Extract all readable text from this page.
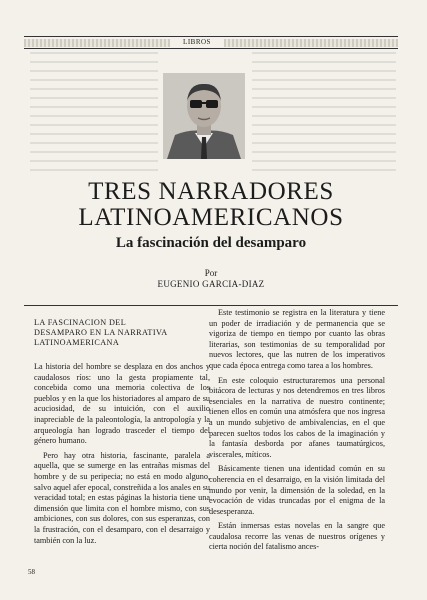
LIBROS
TRES NARRADORES
LATINOAMERICANOS
La fascinación del desamparo
Por
EUGENIO GARCIA-DIAZ
LA FASCINACION DEL
DESAMPARO EN LA NARRATIVA
LATINOAMERICANA

La historia del hombre se desplaza en dos anchos y caudalosos ríos: uno la gesta propiamente tal, concebida como una memoria colectiva de los pueblos y en la que los historiadores al amparo de su acuciosidad, de su intuición, con el auxilio inapreciable de la paleontología, la antropología y la arqueología han logrado trasceder el tiempo del género humano.

Pero hay otra historia, fascinante, paralela a aquella, que se sumerge en las entrañas mismas del hombre y de su peripecia; no está en modo alguno, salvo aquel afer epocal, constreñida a los anales en su veracidad total; en estas páginas la historia tiene una dimensión que limita con el hombre mismo, con sus ambiciones, con sus dolores, con sus esperanzas, con la frustración, con el desamparo, con el desarraigo y también con la luz.

Este testimonio se registra en la literatura y tiene un poder de irradiación y de permanencia que se vigoriza de tiempo en tiempo por cuanto las obras literarias, son testimonias de su temporalidad por nuevos lectores, que las nutren de los imperativos que cada época entrega como tarea a los hombres.

En este coloquio estructuraremos una personal bitácora de lecturas y nos detendremos en tres libros esenciales en la narrativa de nuestro continente; tienen ellos en común una atmósfera que nos ingresa a un mundo subjetivo de ambivalencias, en el que parecen sueltos todos los cabos de la imaginación y la fantasía desborda por afanes taumatúrgicos, viscerales, míticos.

Básicamente tienen una identidad común en su coherencia en el desarraigo, en la visión limitada del mundo por venir, la dimensión de la soledad, en la evocación de vidas truncadas por el enigma de la desesperanza.

Están inmersas estas novelas en la sangre que caudalosa recorre las venas de nuestros orígenes y cierta noción del fatalismo ances-

58
